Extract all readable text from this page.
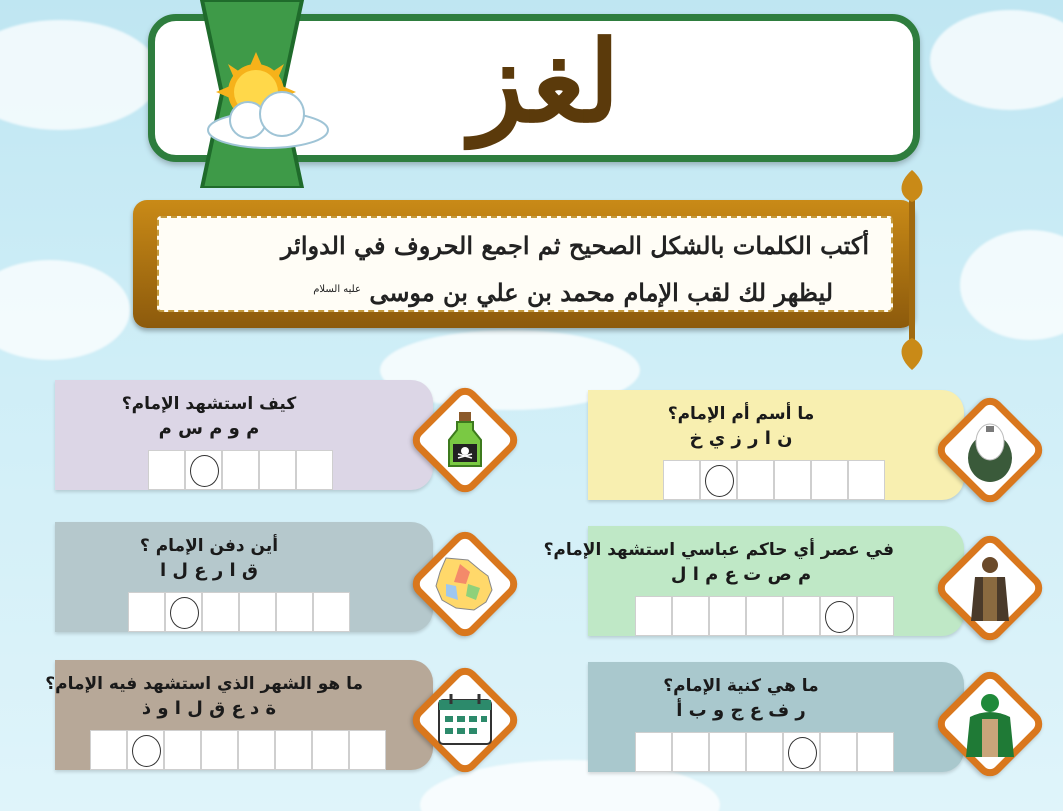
لغز
أكتب الكلمات بالشكل الصحيح ثم اجمع الحروف في الدوائر
ليظهر لك لقب الإمام محمد بن علي بن موسى $^{عليه السلام}$
ما أسم أم الإمام؟
ن ا ر ز ي خ
كيف استشهد الإمام؟
م و م س م
في عصر أي حاكم عباسي استشهد الإمام؟
م ص ت ع م ا ل
أين دفن الإمام ؟
ق ا ر ع ل ا
ما هي كنية الإمام؟
ر ف ع ج و ب أ
ما هو الشهر الذي استشهد فيه الإمام؟
ة د ع ق ل ا و ذ
